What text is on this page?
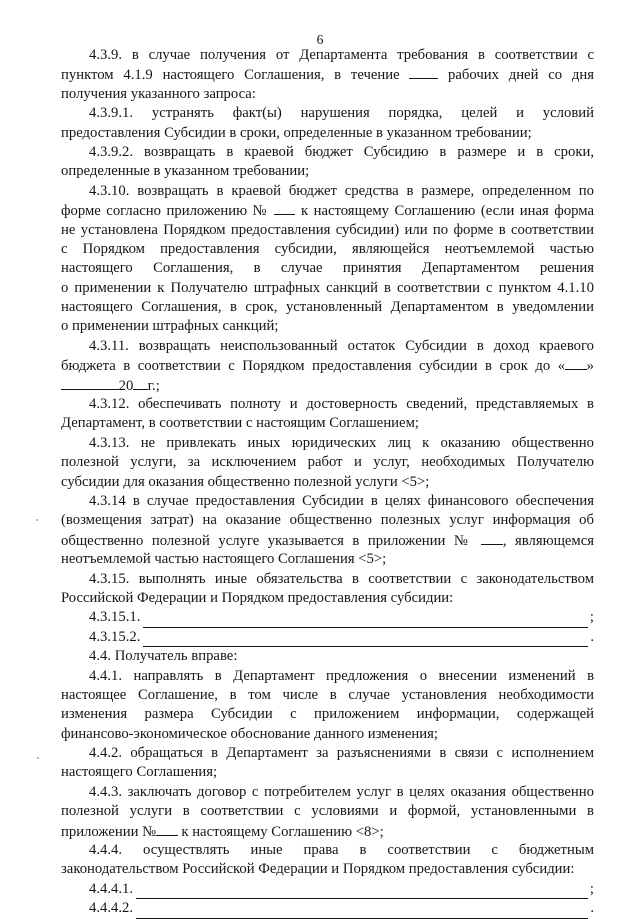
6
4.3.9. в случае получения от Департамента требования в соответствии с
пунктом 4.1.9 настоящего Соглашения, в течение  рабочих дней со дня
получения указанного запроса:
4.3.9.1. устранять факт(ы) нарушения порядка, целей и условий
предоставления Субсидии в сроки, определенные в указанном требовании;
4.3.9.2. возвращать в краевой бюджет Субсидию в размере и в сроки,
определенные в указанном требовании;
4.3.10. возвращать в краевой бюджет средства в размере, определенном по
форме согласно приложению №  к настоящему Соглашению (если иная форма
не установлена Порядком предоставления субсидии) или по форме в соответствии
с Порядком предоставления субсидии, являющейся неотъемлемой частью
настоящего Соглашения, в случае принятия Департаментом решения
о применении к Получателю штрафных санкций в соответствии с пунктом 4.1.10
настоящего Соглашения, в срок, установленный Департаментом в уведомлении
о применении штрафных санкций;
4.3.11. возвращать неиспользованный остаток Субсидии в доход краевого
бюджета в соответствии с Порядком предоставления субсидии в срок до « »
20 г.;
4.3.12. обеспечивать полноту и достоверность сведений, представляемых в
Департамент, в соответствии с настоящим Соглашением;
4.3.13. не привлекать иных юридических лиц к оказанию общественно
полезной услуги, за исключением работ и услуг, необходимых Получателю
субсидии для оказания общественно полезной услуги <5>;
4.3.14 в случае предоставления Субсидии в целях финансового обеспечения
(возмещения затрат) на оказание общественно полезных услуг информация об
общественно полезной услуге указывается в приложении № , являющемся
неотъемлемой частью настоящего Соглашения <5>;
4.3.15. выполнять иные обязательства в соответствии с законодательством
Российской Федерации и Порядком предоставления субсидии:
4.3.15.1.	;
4.3.15.2.	.
4.4. Получатель вправе:
4.4.1. направлять в Департамент предложения о внесении изменений в
настоящее Соглашение, в том числе в случае установления необходимости
изменения размера Субсидии с приложением информации, содержащей
финансово-экономическое обоснование данного изменения;
4.4.2. обращаться в Департамент за разъяснениями в связи с исполнением
настоящего Соглашения;
4.4.3. заключать договор с потребителем услуг в целях оказания общественно
полезной услуги в соответствии с условиями и формой, установленными в
приложении № к настоящему Соглашению <8>;
4.4.4. осуществлять иные права в соответствии с бюджетным
законодательством Российской Федерации и Порядком предоставления субсидии:
4.4.4.1.	;
4.4.4.2.	.
